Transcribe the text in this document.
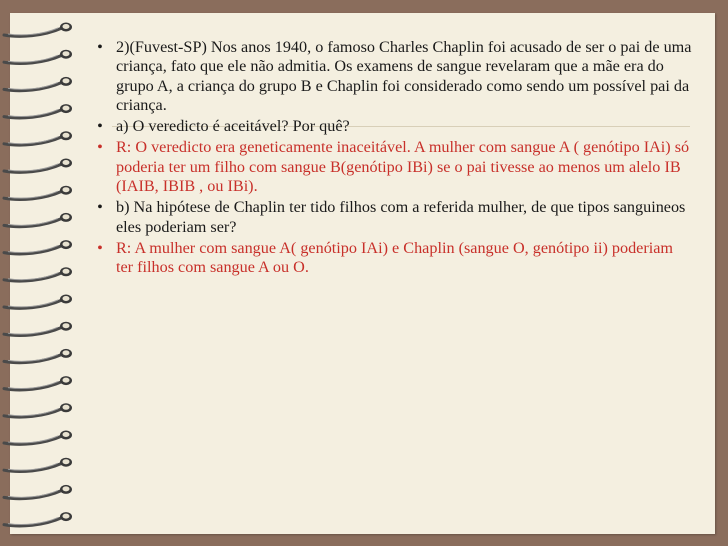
• 2)(Fuvest-SP) Nos anos 1940, o famoso Charles Chaplin foi acusado de ser o pai de uma criança, fato que ele não admitia. Os examens de sangue revelaram que a mãe era do grupo A, a criança do grupo B e Chaplin foi considerado como sendo um possível pai da criança.
• a) O veredicto é aceitável? Por quê?
• R: O veredicto era geneticamente inaceitável. A mulher com sangue A ( genótipo IAi) só poderia ter um filho com sangue B(genótipo IBi) se o pai tivesse ao menos um alelo IB (IAIB, IBIB , ou IBi).
• b) Na hipótese de Chaplin ter tido filhos com a referida mulher, de que tipos sanguineos eles poderiam ser?
• R: A mulher com sangue A( genótipo IAi) e Chaplin (sangue O, genótipo ii) poderiam ter filhos com sangue A ou O.
